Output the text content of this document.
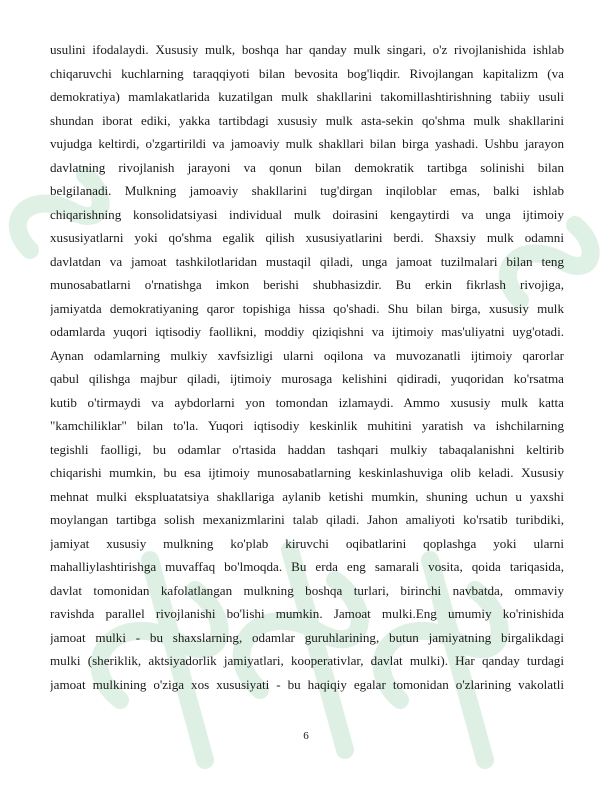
usulini ifodalaydi. Xususiy mulk, boshqa har qanday mulk singari, o'z rivojlanishida ishlab
chiqaruvchi kuchlarning taraqqiyoti bilan bevosita bog'liqdir. Rivojlangan kapitalizm (va
demokratiya) mamlakatlarida kuzatilgan mulk shakllarini takomillashtirishning tabiiy usuli
shundan iborat ediki, yakka tartibdagi xususiy mulk asta-sekin qo'shma mulk shakllarini
vujudga keltirdi, o'zgartirildi va jamoaviy mulk shakllari bilan birga yashadi. Ushbu jarayon
davlatning rivojlanish jarayoni va qonun bilan demokratik tartibga solinishi bilan
belgilanadi. Mulkning jamoaviy shakllarini tug'dirgan inqiloblar emas, balki ishlab
chiqarishning konsolidatsiyasi individual mulk doirasini kengaytirdi va unga ijtimoiy
xususiyatlarni yoki qo'shma egalik qilish xususiyatlarini berdi. Shaxsiy mulk odamni
davlatdan va jamoat tashkilotlaridan mustaqil qiladi, unga jamoat tuzilmalari bilan teng
munosabatlarni o'rnatishga imkon berishi shubhasizdir. Bu erkin fikrlash rivojiga,
jamiyatda demokratiyaning qaror topishiga hissa qo'shadi. Shu bilan birga, xususiy mulk
odamlarda yuqori iqtisodiy faollikni, moddiy qiziqishni va ijtimoiy mas'uliyatni uyg'otadi.
Aynan odamlarning mulkiy xavfsizligi ularni oqilona va muvozanatli ijtimoiy qarorlar
qabul qilishga majbur qiladi, ijtimoiy murosaga kelishini qidiradi, yuqoridan ko'rsatma
kutib o'tirmaydi va aybdorlarni yon tomondan izlamaydi. Ammo xususiy mulk katta
"kamchiliklar" bilan to'la. Yuqori iqtisodiy keskinlik muhitini yaratish va ishchilarning
tegishli faolligi, bu odamlar o'rtasida haddan tashqari mulkiy tabaqalanishni keltirib
chiqarishi mumkin, bu esa ijtimoiy munosabatlarning keskinlashuviga olib keladi. Xususiy
mehnat mulki ekspluatatsiya shakllariga aylanib ketishi mumkin, shuning uchun u yaxshi
moylangan tartibga solish mexanizmlarini talab qiladi. Jahon amaliyoti ko'rsatib turibdiki,
jamiyat xususiy mulkning ko'plab kiruvchi oqibatlarini qoplashga yoki ularni
mahalliylashtirishga muvaffaq bo'lmoqda. Bu erda eng samarali vosita, qoida tariqasida,
davlat tomonidan kafolatlangan mulkning boshqa turlari, birinchi navbatda, ommaviy
ravishda parallel rivojlanishi bo'lishi mumkin. Jamoat mulki.Eng umumiy ko'rinishida
jamoat mulki - bu shaxslarning, odamlar guruhlarining, butun jamiyatning birgalikdagi
mulki (sheriklik, aktsiyadorlik jamiyatlari, kooperativlar, davlat mulki). Har qanday turdagi
jamoat mulkining o'ziga xos xususiyati - bu haqiqiy egalar tomonidan o'zlarining vakolatli
6
